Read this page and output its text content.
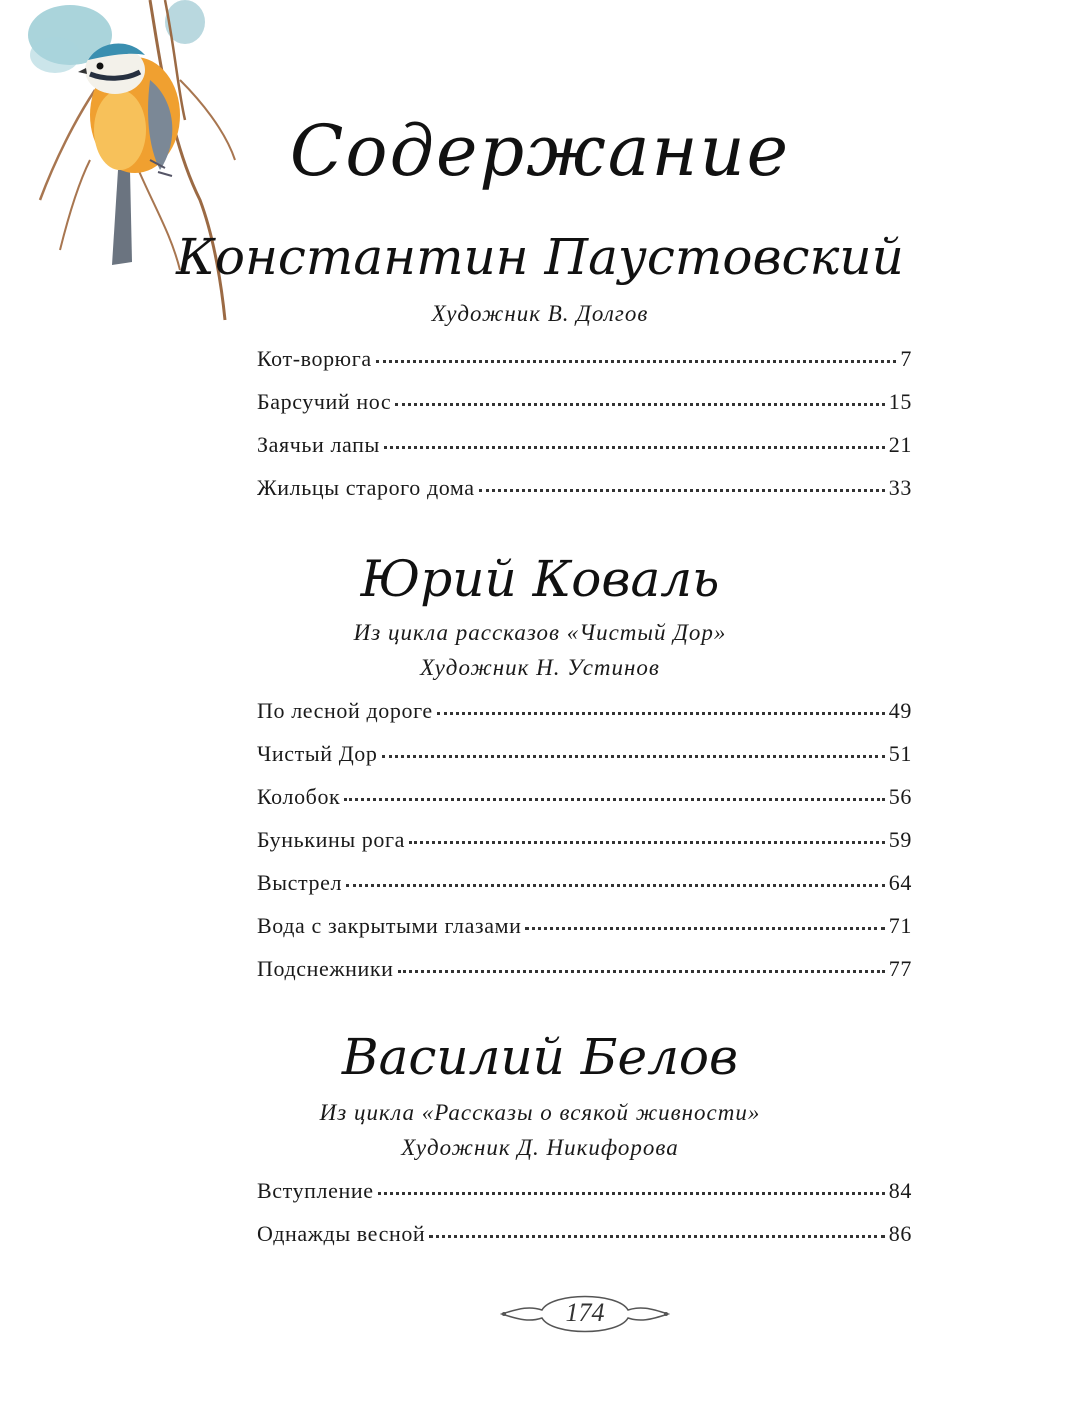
Содержание
Константин Паустовский
Художник В. Долгов
Кот-ворюга	7
Барсучий нос	15
Заячьи лапы	21
Жильцы старого дома	33
Юрий Коваль
Из цикла рассказов «Чистый Дор»
Художник Н. Устинов
По лесной дороге	49
Чистый Дор	51
Колобок	56
Бунькины рога	59
Выстрел	64
Вода с закрытыми глазами	71
Подснежники	77
Василий Белов
Из цикла «Рассказы о всякой живности»
Художник Д. Никифорова
Вступление	84
Однажды весной	86
174
